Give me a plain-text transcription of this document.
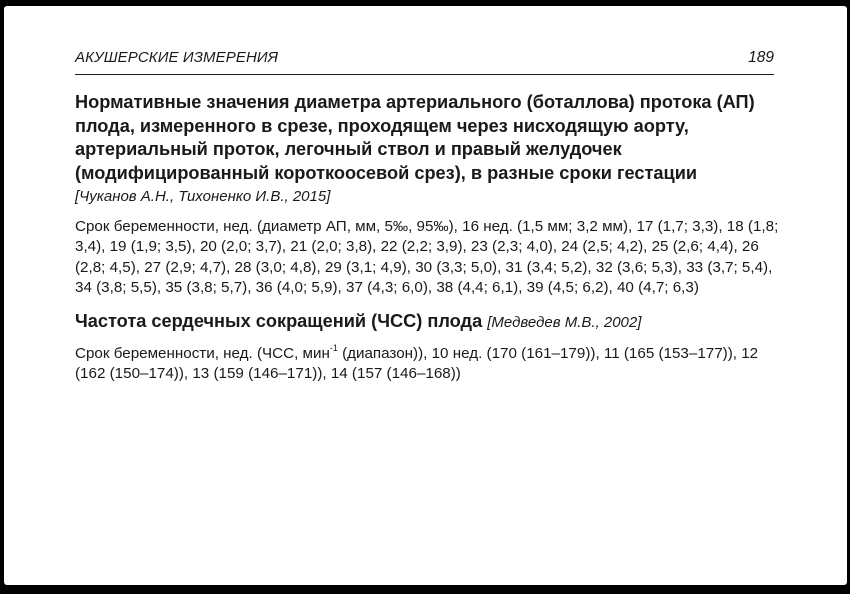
АКУШЕРСКИЕ ИЗМЕРЕНИЯ	189
Нормативные значения диаметра артериального (боталлова) протока (АП) плода, измеренного в срезе, проходящем через нисходящую аорту, артериальный проток, легочный ствол и правый желудочек (модифицированный короткоосевой срез), в разные сроки гестации

[Чуканов А.Н., Тихоненко И.В., 2015]

Срок беременности, нед. (диаметр АП, мм, 5‰, 95‰), 16 нед. (1,5 мм; 3,2 мм), 17 (1,7; 3,3), 18 (1,8; 3,4), 19 (1,9; 3,5), 20 (2,0; 3,7), 21 (2,0; 3,8), 22 (2,2; 3,9), 23 (2,3; 4,0), 24 (2,5; 4,2), 25 (2,6; 4,4), 26 (2,8; 4,5), 27 (2,9; 4,7), 28 (3,0; 4,8), 29 (3,1; 4,9), 30 (3,3; 5,0), 31 (3,4; 5,2), 32 (3,6; 5,3), 33 (3,7; 5,4), 34 (3,8; 5,5), 35 (3,8; 5,7), 36 (4,0; 5,9), 37 (4,3; 6,0), 38 (4,4; 6,1), 39 (4,5; 6,2), 40 (4,7; 6,3)

Частота сердечных сокращений (ЧСС) плода [Медведев М.В., 2002]

Срок беременности, нед. (ЧСС, мин$^{-1}$ (диапазон)), 10 нед. (170 (161–179)), 11 (165 (153–177)), 12 (162 (150–174)), 13 (159 (146–171)), 14 (157 (146–168))
